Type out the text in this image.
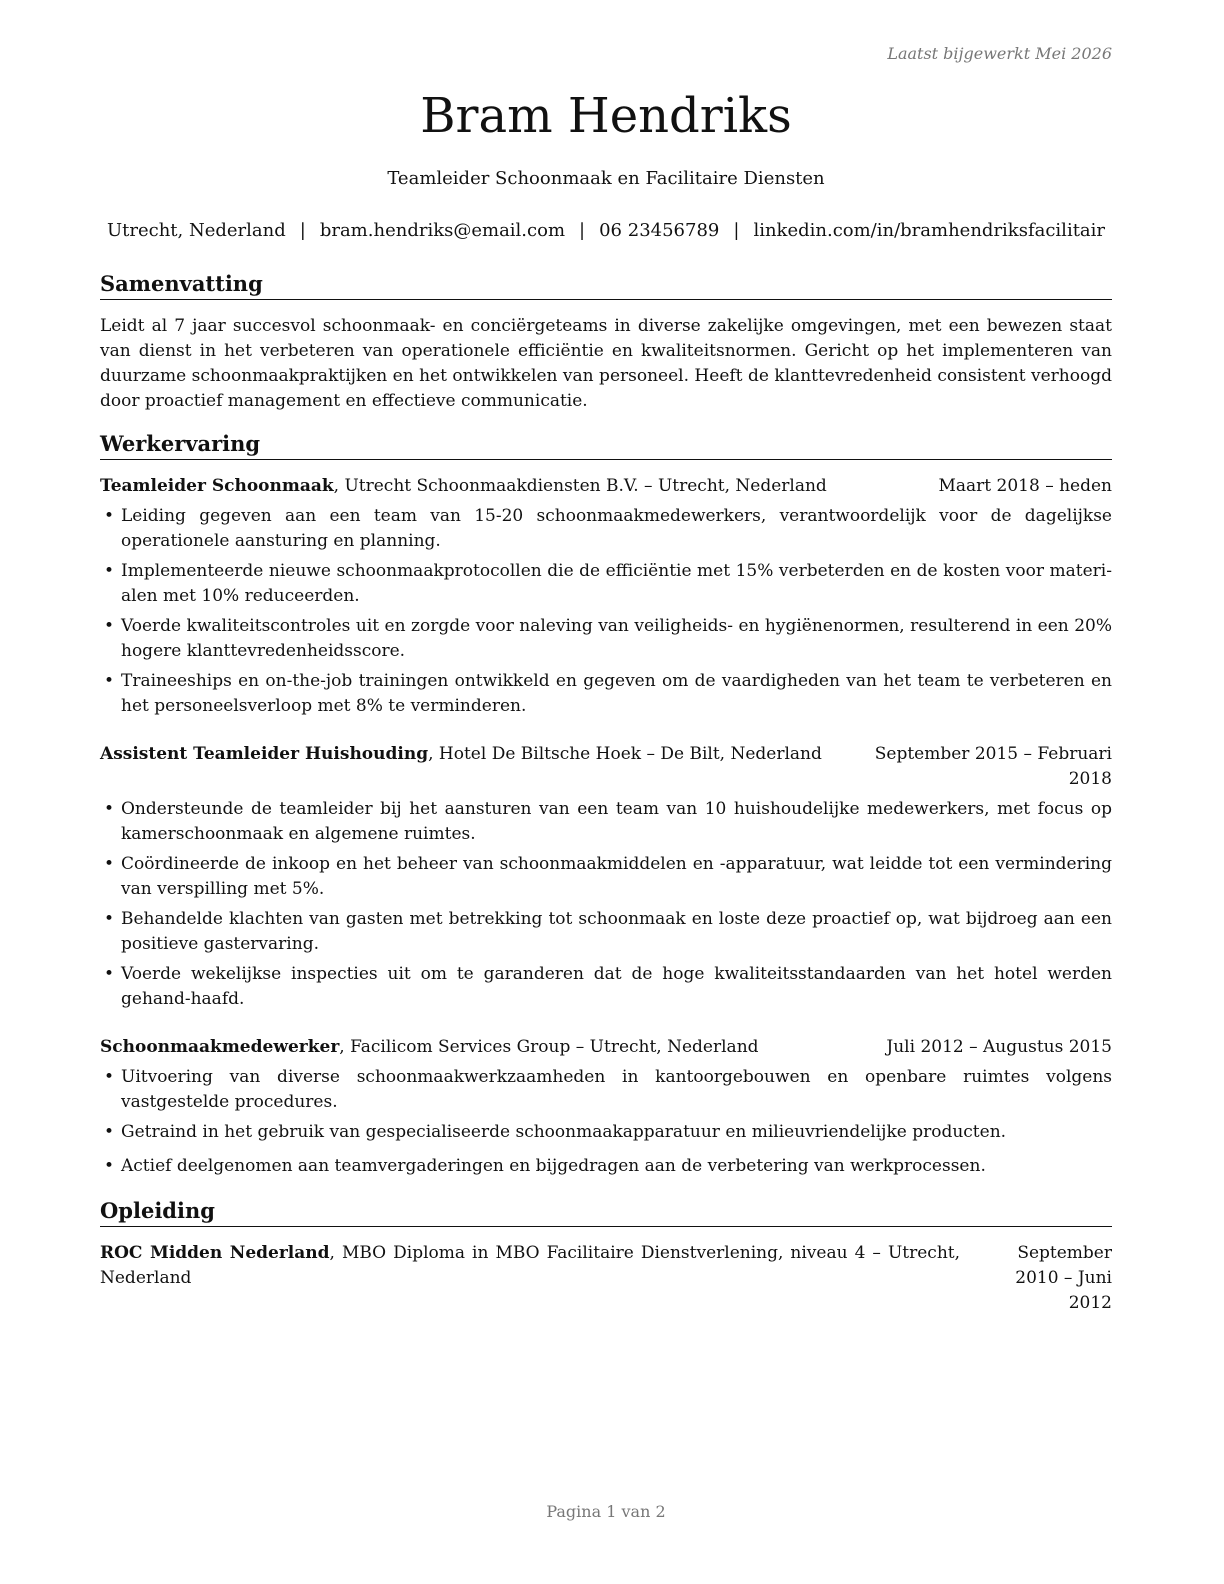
Laatst bijgewerkt Mei 2026
Bram Hendriks
Teamleider Schoonmaak en Facilitaire Diensten
Utrecht, Nederland | bram.hendriks@email.com | 06 23456789 | linkedin.com/in/bramhendriksfacilitair
Samenvatting

Leidt al 7 jaar succesvol schoonmaak- en conciërgeteams in diverse zakelijke omgevingen, met een bewezen staat van dienst in het verbeteren van operationele efficiëntie en kwaliteitsnormen. Gericht op het implementeren van duurzame schoonmaakpraktijken en het ontwikkelen van personeel. Heeft de klanttevredenheid consistent verhoogd door proactief management en effectieve communicatie.

Werkervaring
Teamleider Schoonmaak, Utrecht Schoonmaakdiensten B.V. – Utrecht, Nederland	Maart 2018 – heden
• Leiding gegeven aan een team van 15-20 schoonmaakmedewerkers, verantwoordelijk voor de dagelijkse operationele aansturing en planning.
• Implementeerde nieuwe schoonmaakprotocollen die de efficiëntie met 15% verbeterden en de kosten voor materi-alen met 10% reduceerden.
• Voerde kwaliteitscontroles uit en zorgde voor naleving van veiligheids- en hygiënenormen, resulterend in een 20% hogere klanttevredenheidsscore.
• Traineeships en on-the-job trainingen ontwikkeld en gegeven om de vaardigheden van het team te verbeteren en het personeelsverloop met 8% te verminderen.
Assistent Teamleider Huishouding, Hotel De Biltsche Hoek – De Bilt, Nederland	September 2015 – Februari 2018
• Ondersteunde de teamleider bij het aansturen van een team van 10 huishoudelijke medewerkers, met focus op kamerschoonmaak en algemene ruimtes.
• Coördineerde de inkoop en het beheer van schoonmaakmiddelen en -apparatuur, wat leidde tot een vermindering van verspilling met 5%.
• Behandelde klachten van gasten met betrekking tot schoonmaak en loste deze proactief op, wat bijdroeg aan een positieve gastervaring.
• Voerde wekelijkse inspecties uit om te garanderen dat de hoge kwaliteitsstandaarden van het hotel werden gehand-haafd.
Schoonmaakmedewerker, Facilicom Services Group – Utrecht, Nederland	Juli 2012 – Augustus 2015
• Uitvoering van diverse schoonmaakwerkzaamheden in kantoorgebouwen en openbare ruimtes volgens vastgestelde procedures.
• Getraind in het gebruik van gespecialiseerde schoonmaakapparatuur en milieuvriendelijke producten.
• Actief deelgenomen aan teamvergaderingen en bijgedragen aan de verbetering van werkprocessen.
Opleiding
ROC Midden Nederland, MBO Diploma in MBO Facilitaire Dienstverlening, niveau 4 – Utrecht, Nederland
September 2010 – Juni 2012
Pagina 1 van 2
